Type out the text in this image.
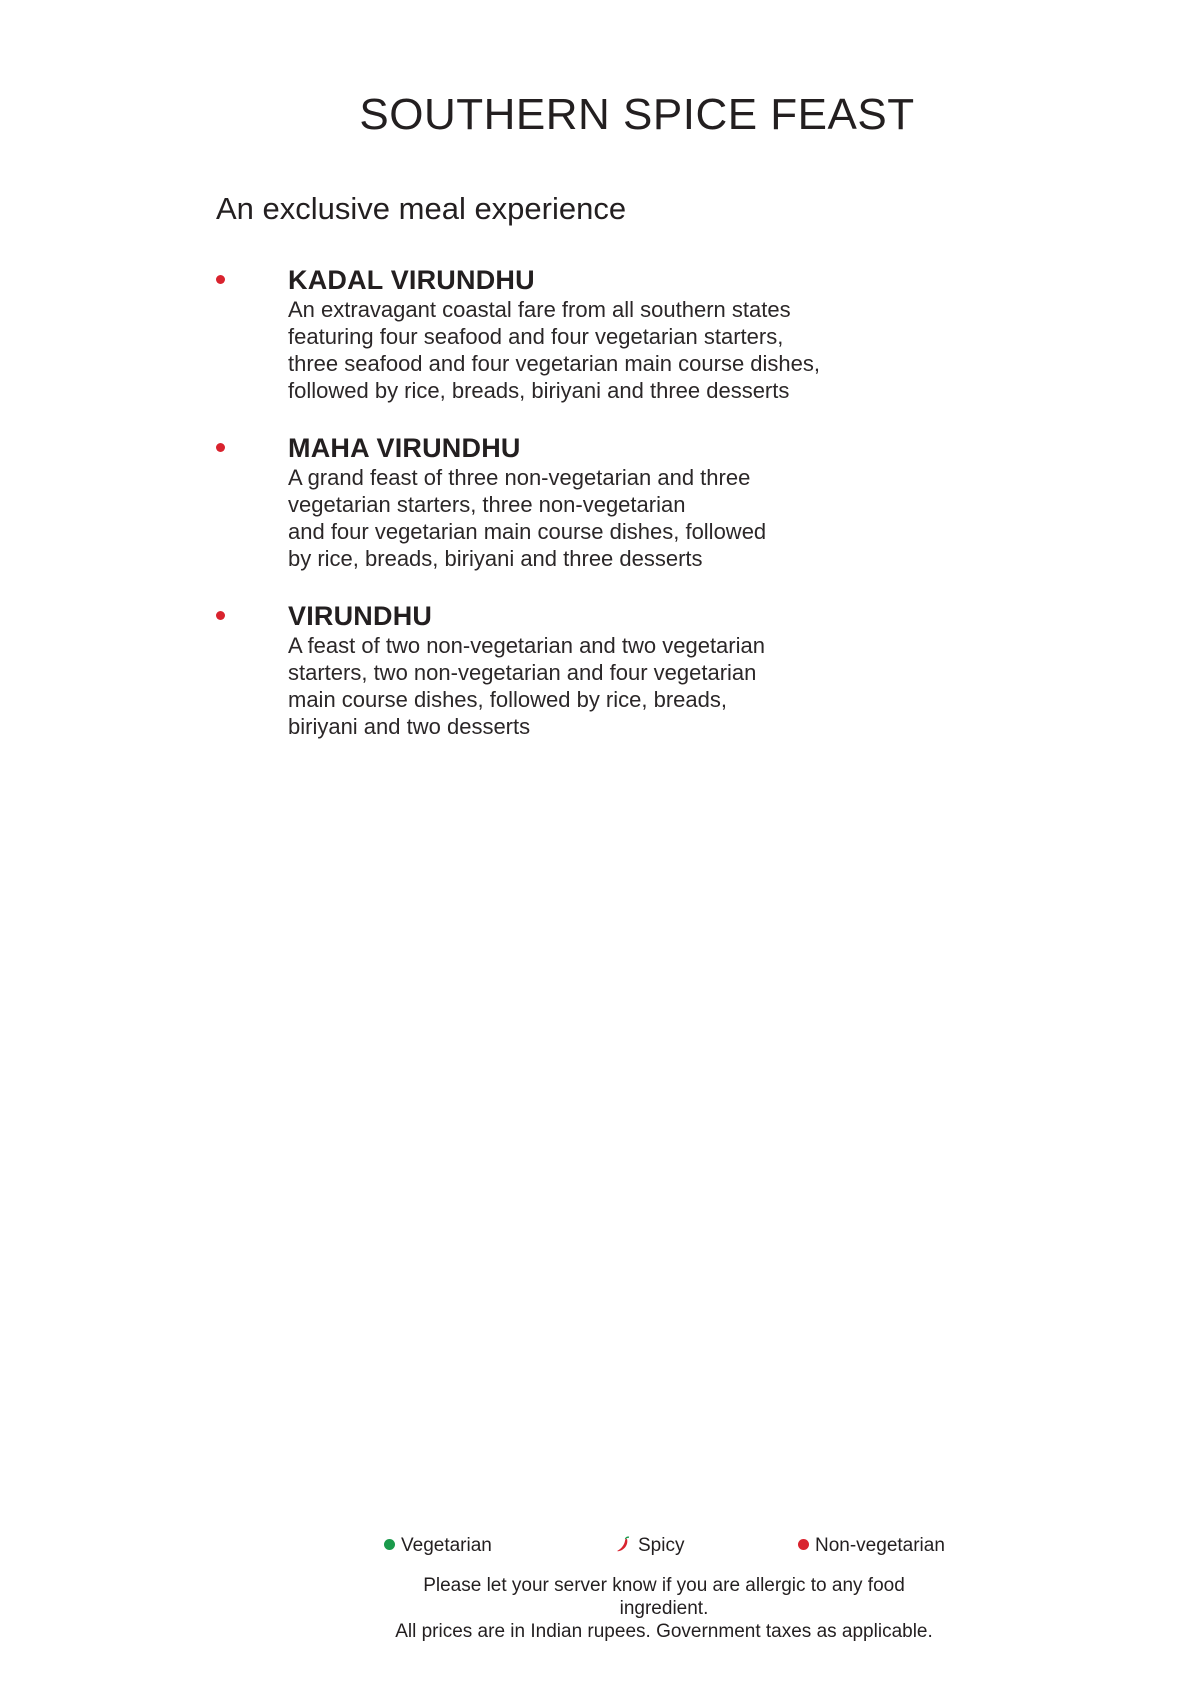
SOUTHERN SPICE FEAST
An exclusive meal experience
KADAL VIRUNDHU
An extravagant coastal fare from all southern states
featuring four seafood and four vegetarian starters,
three seafood and four vegetarian main course dishes,
followed by rice, breads, biriyani and three desserts
MAHA VIRUNDHU
A grand feast of three non-vegetarian and three
vegetarian starters, three non-vegetarian
and four vegetarian main course dishes, followed
by rice, breads, biriyani and three desserts
VIRUNDHU
A feast of two non-vegetarian and two vegetarian
starters, two non-vegetarian and four vegetarian
main course dishes, followed by rice, breads,
biriyani and two desserts
Vegetarian	Spicy	Non-vegetarian

Please let your server know if you are allergic to any food ingredient.
All prices are in Indian rupees. Government taxes as applicable.
